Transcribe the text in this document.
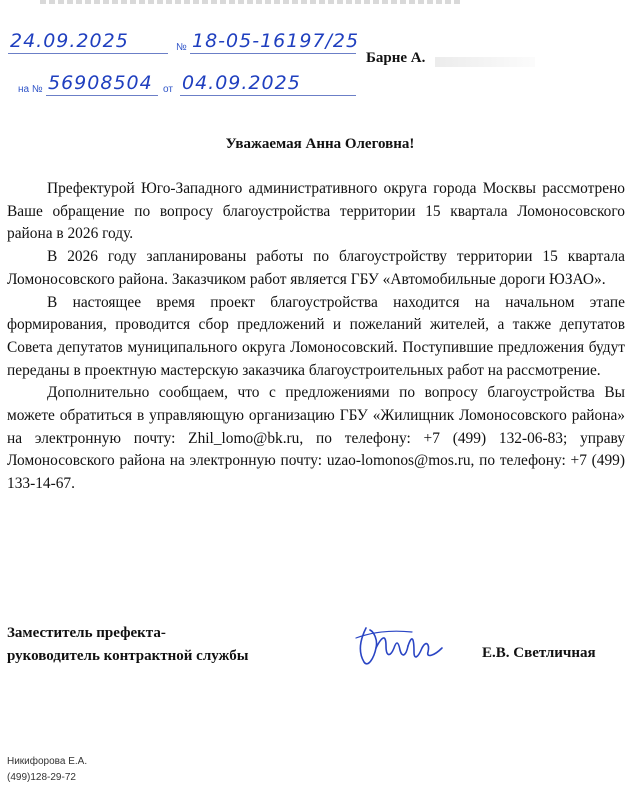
24.09.2025	№ 18-05-16197/25
на № 56908504 от 04.09.2025
Барне А.
Уважаемая Анна Олеговна!

Префектурой Юго-Западного административного округа города Москвы рассмотрено Ваше обращение по вопросу благоустройства территории 15 квартала Ломоносовского района в 2026 году.

В 2026 году запланированы работы по благоустройству территории 15 квартала Ломоносовского района. Заказчиком работ является ГБУ «Автомобильные дороги ЮЗАО».

В настоящее время проект благоустройства находится на начальном этапе формирования, проводится сбор предложений и пожеланий жителей, а также депутатов Совета депутатов муниципального округа Ломоносовский. Поступившие предложения будут переданы в проектную мастерскую заказчика благоустроительных работ на рассмотрение.

Дополнительно сообщаем, что с предложениями по вопросу благоустройства Вы можете обратиться в управляющую организацию ГБУ «Жилищник Ломоносовского района» на электронную почту: Zhil_lomo@bk.ru, по телефону: +7 (499) 132-06-83; управу Ломоносовского района на электронную почту: uzao-lomonos@mos.ru, по телефону: +7 (499) 133-14-67.

Заместитель префекта-
руководитель контрактной службы	Е.В. Светличная
Никифорова Е.А.
(499)128-29-72
